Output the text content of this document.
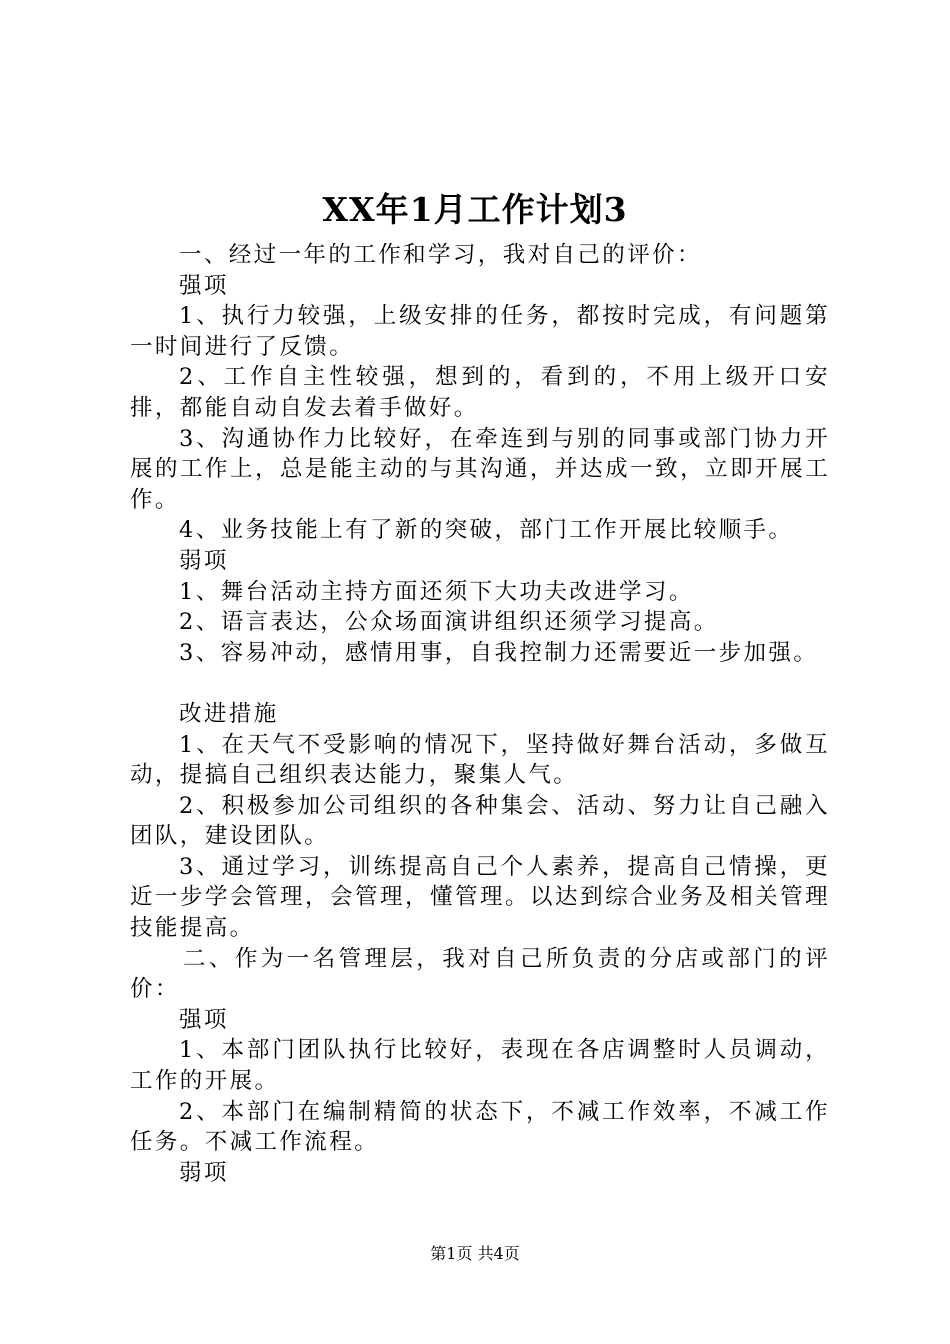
XX年1月工作计划3

一、经过一年的工作和学习，我对自己的评价：

强项

1、执行力较强，上级安排的任务，都按时完成，有问题第一时间进行了反馈。

2、工作自主性较强，想到的，看到的，不用上级开口安排，都能自动自发去着手做好。

3、沟通协作力比较好，在牵连到与别的同事或部门协力开展的工作上，总是能主动的与其沟通，并达成一致，立即开展工作。

4、业务技能上有了新的突破，部门工作开展比较顺手。

弱项

1、舞台活动主持方面还须下大功夫改进学习。

2、语言表达，公众场面演讲组织还须学习提高。

3、容易冲动，感情用事，自我控制力还需要近一步加强。

改进措施

1、在天气不受影响的情况下，坚持做好舞台活动，多做互动，提搞自己组织表达能力，聚集人气。

2、积极参加公司组织的各种集会、活动、努力让自己融入团队，建设团队。

3、通过学习，训练提高自己个人素养，提高自己情操，更近一步学会管理，会管理，懂管理。以达到综合业务及相关管理技能提高。

二、作为一名管理层，我对自己所负责的分店或部门的评价：

强项

1、本部门团队执行比较好，表现在各店调整时人员调动，工作的开展。

2、本部门在编制精简的状态下，不减工作效率，不减工作任务。不减工作流程。

弱项

第1页 共4页
